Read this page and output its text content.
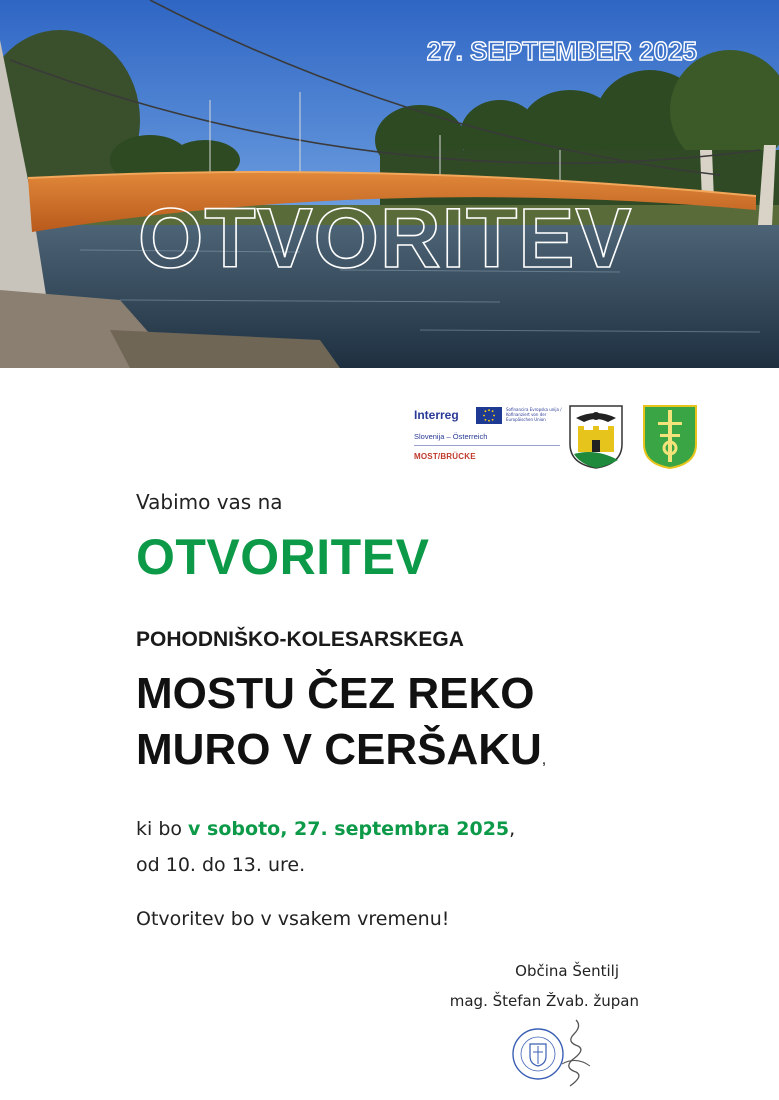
27. SEPTEMBER 2025
OTVORITEV
Interreg	Sofinancira Evropska unija / Kofinanziert von der Europäischen Union
Slovenija – Österreich
MOST/BRÜCKE
Vabimo vas na
OTVORITEV
POHODNIŠKO-KOLESARSKEGA
MOSTU ČEZ REKO
MURO V CERŠAKU,
ki bo v soboto, 27. septembra 2025,
od 10. do 13. ure.
Otvoritev bo v vsakem vremenu!
Občina Šentilj
mag. Štefan Žvab. župan
